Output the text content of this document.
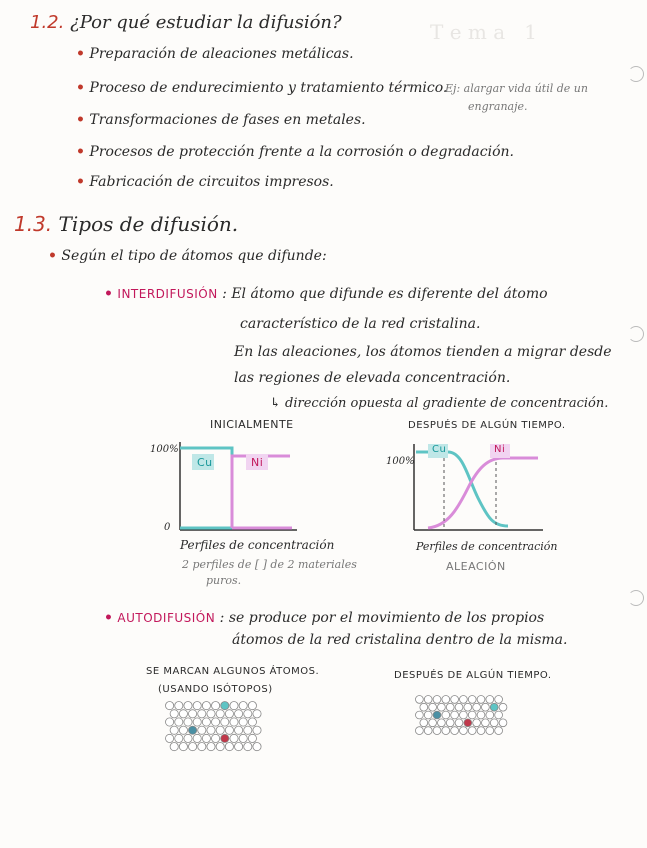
T e m a   1
1.2. ¿Por qué estudiar la difusión?
• Preparación de aleaciones metálicas.
• Proceso de endurecimiento y tratamiento térmico.
Ej: alargar vida útil de un
engranaje.
• Transformaciones de fases en metales.
• Procesos de protección frente a la corrosión o degradación.
• Fabricación de circuitos impresos.
1.3. Tipos de difusión.
• Según el tipo de átomos que difunde:
• INTERDIFUSIÓN : El átomo que difunde es diferente del átomo
característico de la red cristalina.
En las aleaciones, los átomos tienden a migrar desde
las regiones de elevada concentración.
↳ dirección opuesta al gradiente de concentración.
INICIALMENTE
100%
0
Cu	Ni
Perfiles de concentración
2 perfiles de [ ] de 2 materiales
puros.
DESPUÉS DE ALGÚN TIEMPO.
100%
Cu	Ni
Perfiles de concentración
ALEACIÓN
• AUTODIFUSIÓN : se produce por el movimiento de los propios
átomos de la red cristalina dentro de la misma.
SE MARCAN ALGUNOS ÁTOMOS.
(USANDO ISÓTOPOS)
DESPUÉS DE ALGÚN TIEMPO.
